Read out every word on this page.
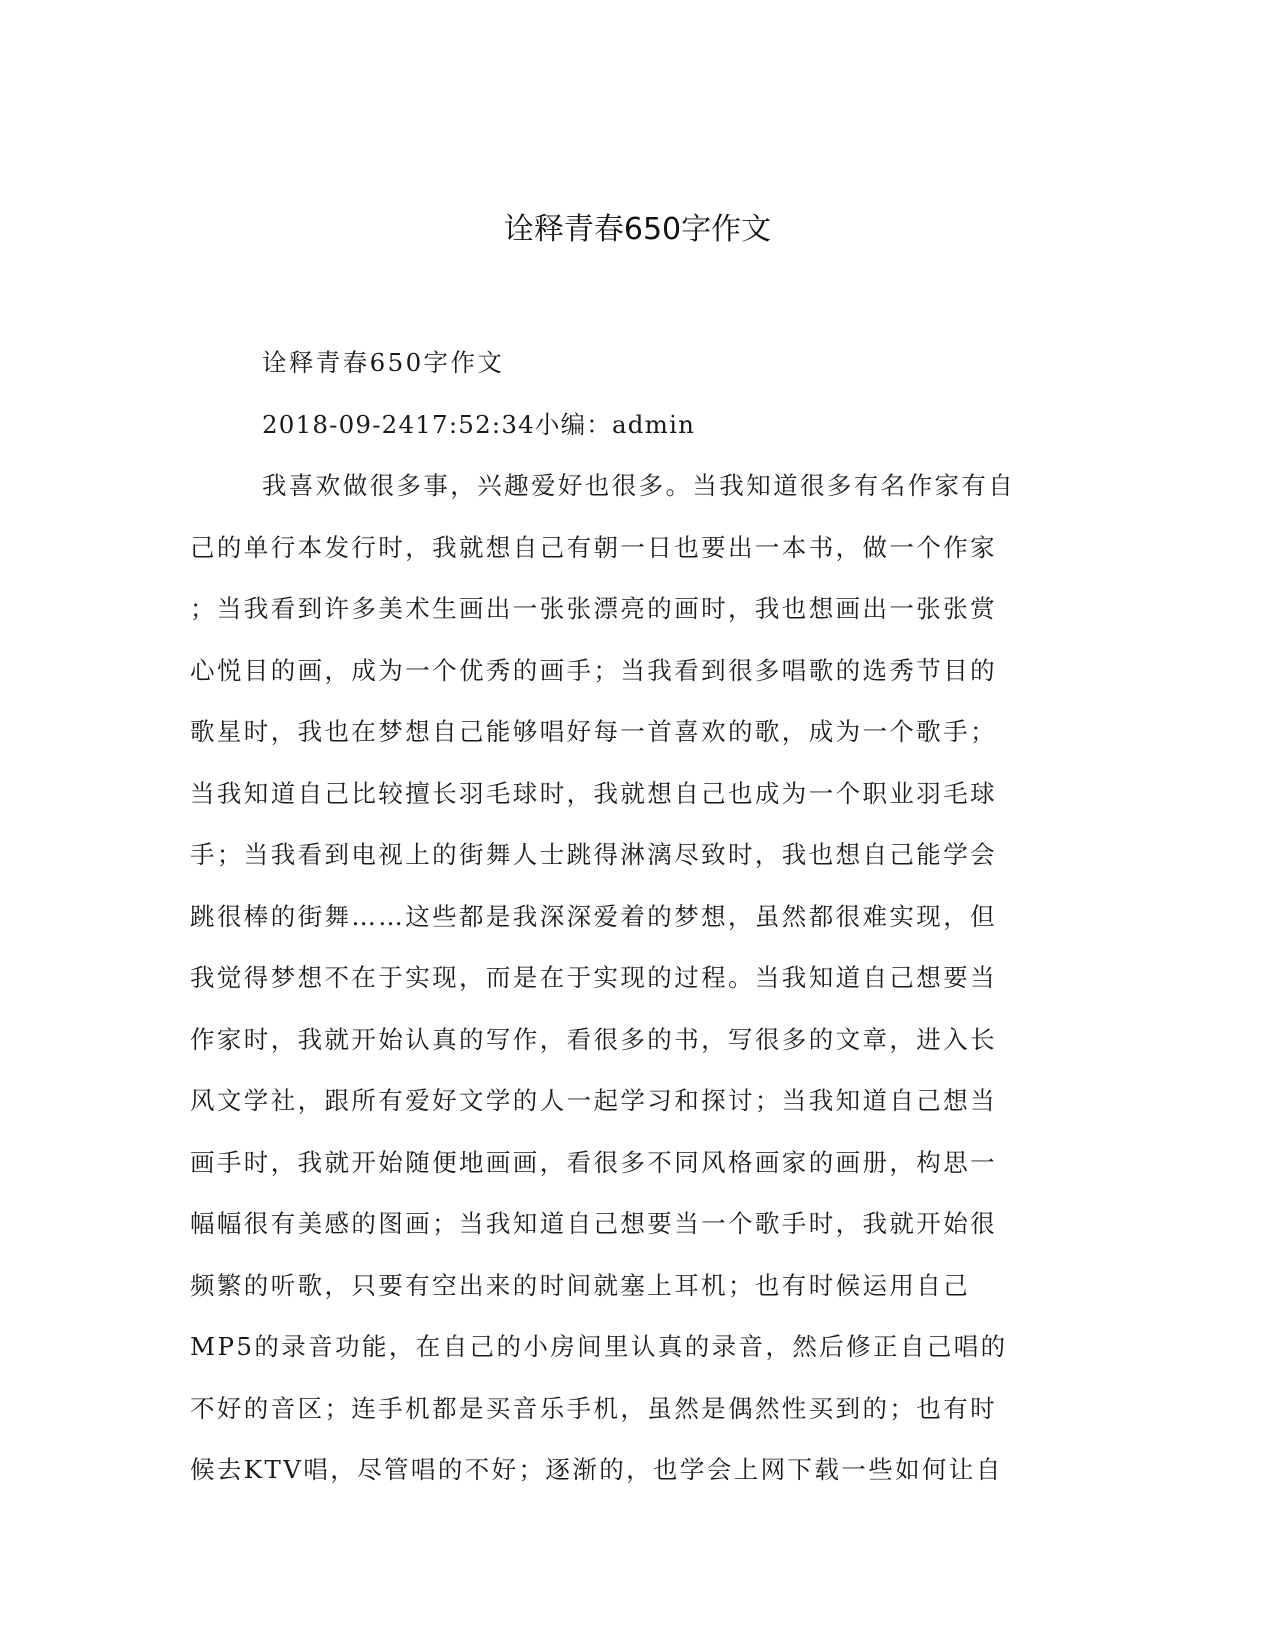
诠释青春650字作文
诠释青春650字作文
2018-09-2417:52:34小编：admin
我喜欢做很多事，兴趣爱好也很多。当我知道很多有名作家有自
己的单行本发行时，我就想自己有朝一日也要出一本书，做一个作家
；当我看到许多美术生画出一张张漂亮的画时，我也想画出一张张赏
心悦目的画，成为一个优秀的画手；当我看到很多唱歌的选秀节目的
歌星时，我也在梦想自己能够唱好每一首喜欢的歌，成为一个歌手；
当我知道自己比较擅长羽毛球时，我就想自己也成为一个职业羽毛球
手；当我看到电视上的街舞人士跳得淋漓尽致时，我也想自己能学会
跳很棒的街舞……这些都是我深深爱着的梦想，虽然都很难实现，但
我觉得梦想不在于实现，而是在于实现的过程。当我知道自己想要当
作家时，我就开始认真的写作，看很多的书，写很多的文章，进入长
风文学社，跟所有爱好文学的人一起学习和探讨；当我知道自己想当
画手时，我就开始随便地画画，看很多不同风格画家的画册，构思一
幅幅很有美感的图画；当我知道自己想要当一个歌手时，我就开始很
频繁的听歌，只要有空出来的时间就塞上耳机；也有时候运用自己
MP5的录音功能，在自己的小房间里认真的录音，然后修正自己唱的
不好的音区；连手机都是买音乐手机，虽然是偶然性买到的；也有时
候去KTV唱，尽管唱的不好；逐渐的，也学会上网下载一些如何让自
